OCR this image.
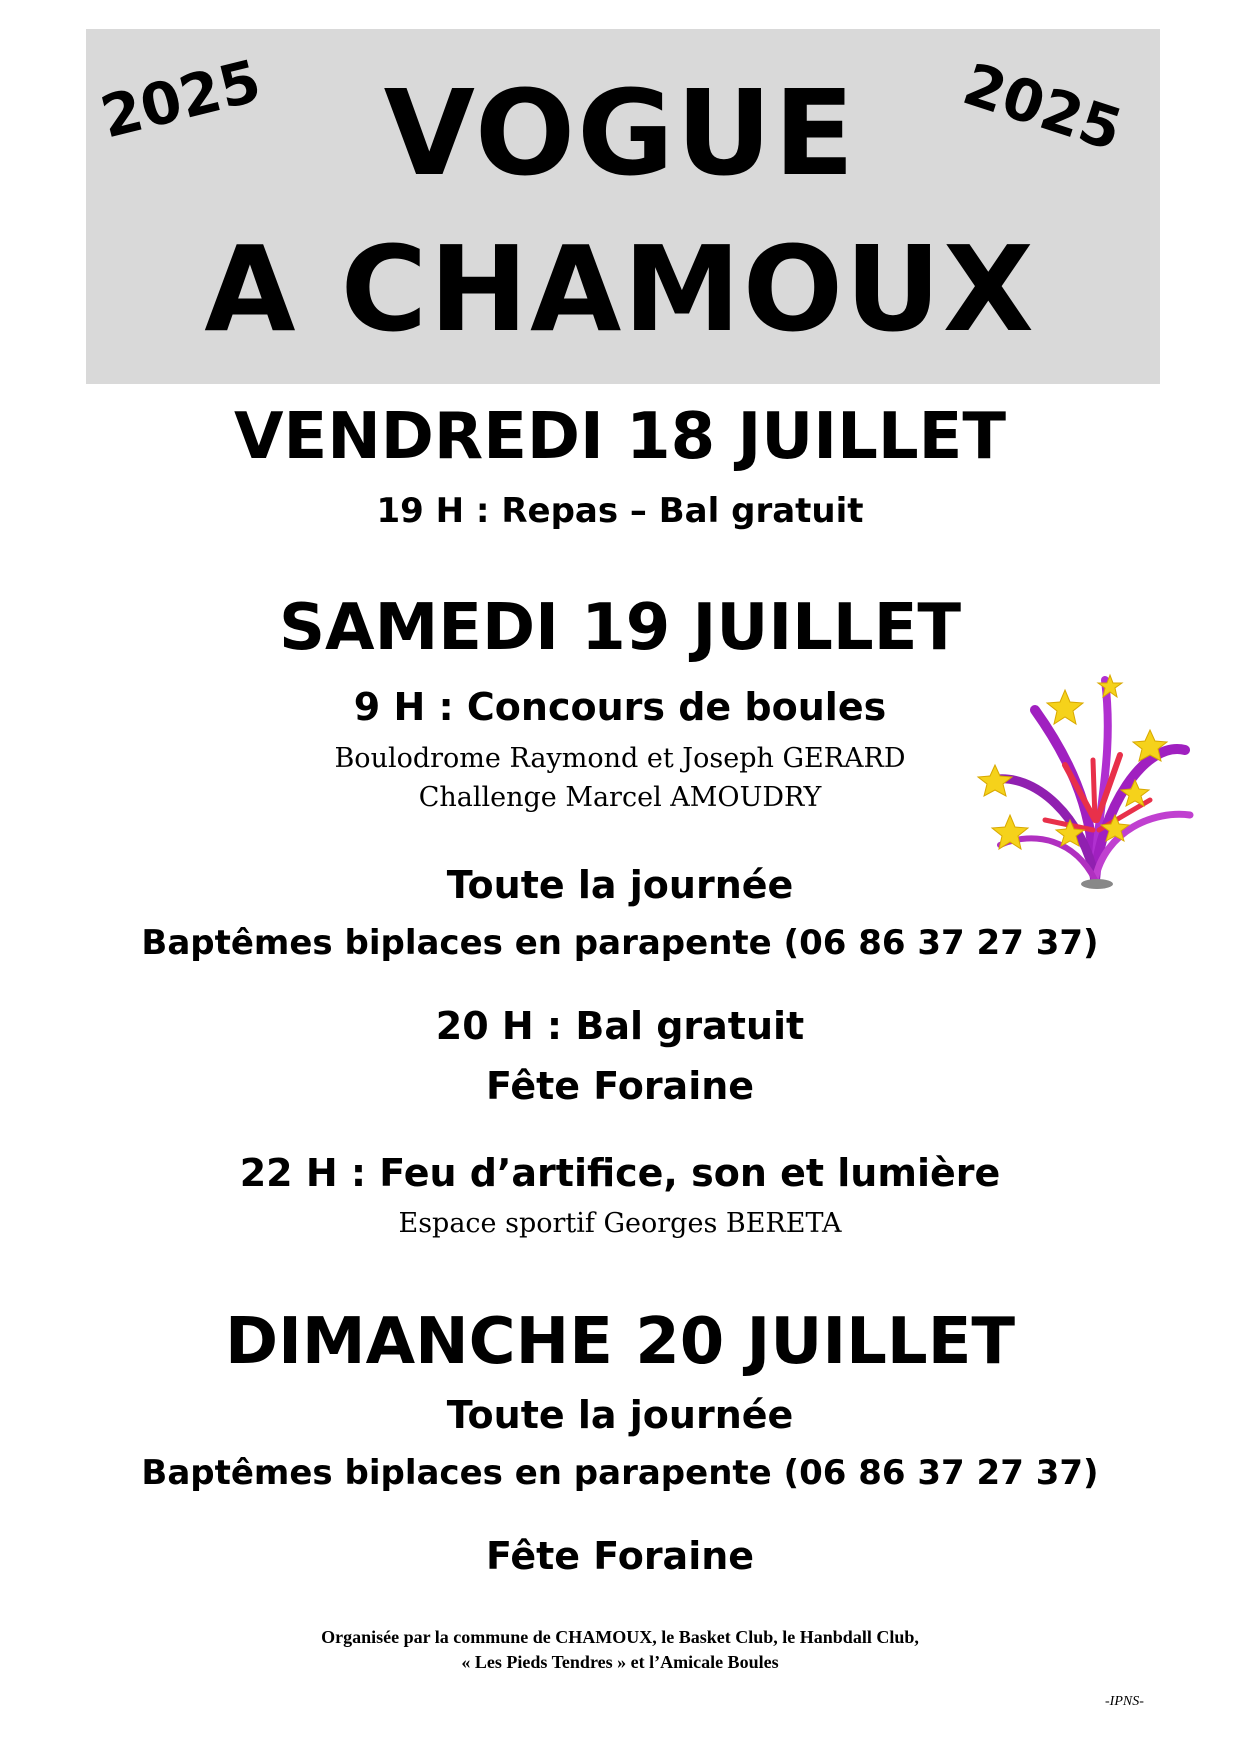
2025	2025
VOGUE
A CHAMOUX
VENDREDI 18 JUILLET
19 H : Repas – Bal gratuit
SAMEDI 19 JUILLET
9 H : Concours de boules
Boulodrome Raymond et Joseph GERARD
Challenge Marcel AMOUDRY
Toute la journée
Baptêmes biplaces en parapente (06 86 37 27 37)
20 H : Bal gratuit
Fête Foraine
22 H : Feu d’artifice, son et lumière
Espace sportif Georges BERETA
DIMANCHE 20 JUILLET
Toute la journée
Baptêmes biplaces en parapente (06 86 37 27 37)
Fête Foraine
Organisée par la commune de CHAMOUX, le Basket Club, le Hanbdall Club,
« Les Pieds Tendres » et l’Amicale Boules
-IPNS-
